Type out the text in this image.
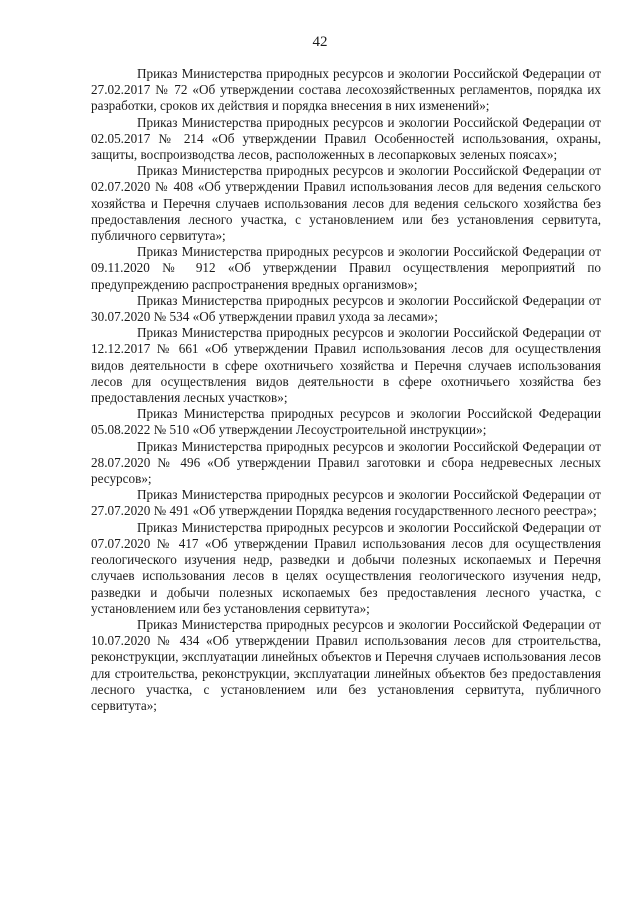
42

Приказ Министерства природных ресурсов и экологии Российской Федерации от 27.02.2017 № 72 «Об утверждении состава лесохозяйственных регламентов, порядка их разработки, сроков их действия и порядка внесения в них изменений»;

Приказ Министерства природных ресурсов и экологии Российской Федерации от 02.05.2017 № 214 «Об утверждении Правил Особенностей использования, охраны, защиты, воспроизводства лесов, расположенных в лесопарковых зеленых поясах»;

Приказ Министерства природных ресурсов и экологии Российской Федерации от 02.07.2020 № 408 «Об утверждении Правил использования лесов для ведения сельского хозяйства и Перечня случаев использования лесов для ведения сельского хозяйства без предоставления лесного участка, с установлением или без установления сервитута, публичного сервитута»;

Приказ Министерства природных ресурсов и экологии Российской Федерации от 09.11.2020 № 912 «Об утверждении Правил осуществления мероприятий по предупреждению распространения вредных организмов»;

Приказ Министерства природных ресурсов и экологии Российской Федерации от 30.07.2020 № 534 «Об утверждении правил ухода за лесами»;

Приказ Министерства природных ресурсов и экологии Российской Федерации от 12.12.2017 № 661 «Об утверждении Правил использования лесов для осуществления видов деятельности в сфере охотничьего хозяйства и Перечня случаев использования лесов для осуществления видов деятельности в сфере охотничьего хозяйства без предоставления лесных участков»;

Приказ Министерства природных ресурсов и экологии Российской Федерации 05.08.2022 № 510 «Об утверждении Лесоустроительной инструкции»;

Приказ Министерства природных ресурсов и экологии Российской Федерации от 28.07.2020 № 496 «Об утверждении Правил заготовки и сбора недревесных лесных ресурсов»;

Приказ Министерства природных ресурсов и экологии Российской Федерации от 27.07.2020 № 491 «Об утверждении Порядка ведения государственного лесного реестра»;

Приказ Министерства природных ресурсов и экологии Российской Федерации от 07.07.2020 № 417 «Об утверждении Правил использования лесов для осуществления геологического изучения недр, разведки и добычи полезных ископаемых и Перечня случаев использования лесов в целях осуществления геологического изучения недр, разведки и добычи полезных ископаемых без предоставления лесного участка, с установлением или без установления сервитута»;

Приказ Министерства природных ресурсов и экологии Российской Федерации от 10.07.2020 № 434 «Об утверждении Правил использования лесов для строительства, реконструкции, эксплуатации линейных объектов и Перечня случаев использования лесов для строительства, реконструкции, эксплуатации линейных объектов без предоставления лесного участка, с установлением или без установления сервитута, публичного сервитута»;
